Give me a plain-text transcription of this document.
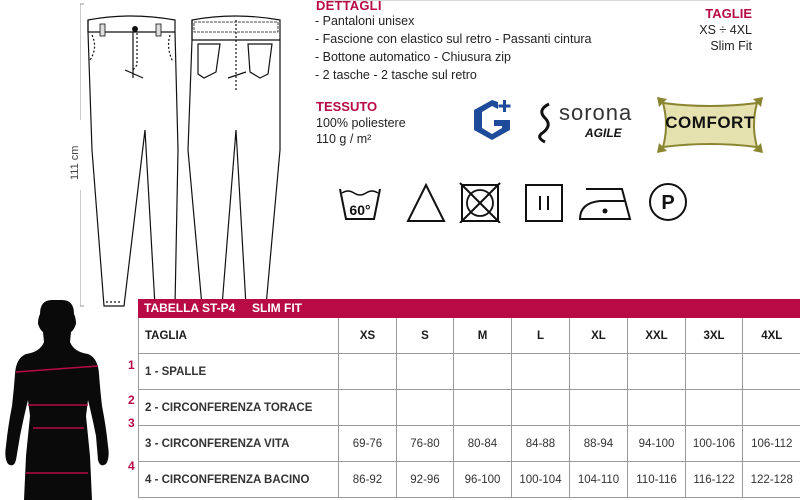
111 cm
DETTAGLI
- Pantaloni unisex
- Fascione con elastico sul retro - Passanti cintura
- Bottone automatico - Chiusura zip
- 2 tasche - 2 tasche sul retro
TAGLIE
XS ÷ 4XL
Slim Fit
TESSUTO
100% poliestere
110 g / m²
sorona
AGILE
COMFORT
60°	P
1
2
3
4
TABELLA ST-P4 SLIM FIT
TAGLIA	XS	S	M	L	XL	XXL	3XL	4XL
1 - SPALLE								
2 - CIRCONFERENZA TORACE								
3 - CIRCONFERENZA VITA	69-76	76-80	80-84	84-88	88-94	94-100	100-106	106-112
4 - CIRCONFERENZA BACINO	86-92	92-96	96-100	100-104	104-110	110-116	116-122	122-128
